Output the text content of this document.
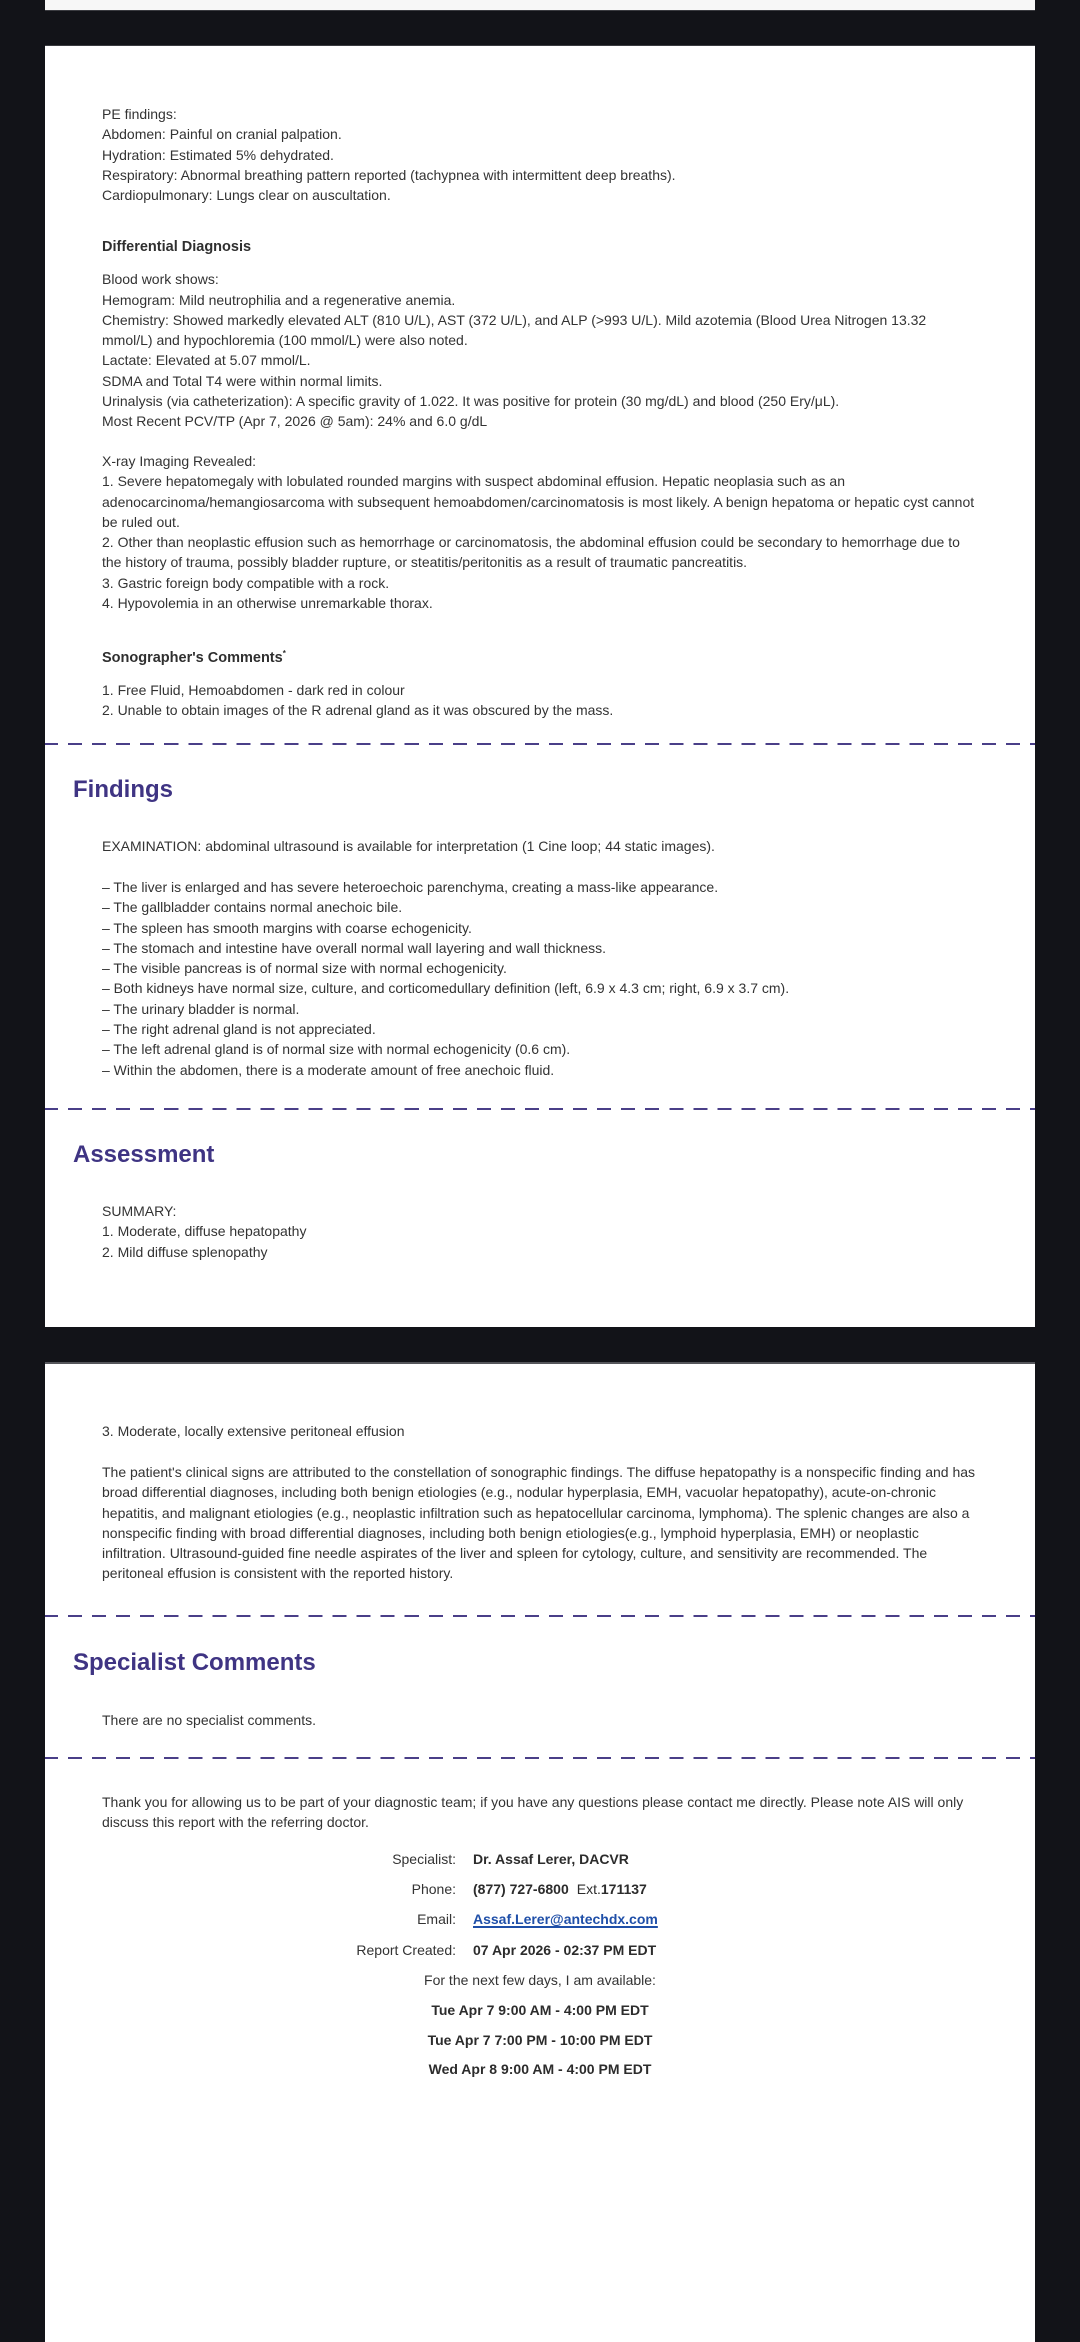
PE findings:

Abdomen: Painful on cranial palpation.

Hydration: Estimated 5% dehydrated.

Respiratory: Abnormal breathing pattern reported (tachypnea with intermittent deep breaths).

Cardiopulmonary: Lungs clear on auscultation.

Differential Diagnosis

Blood work shows:

Hemogram: Mild neutrophilia and a regenerative anemia.

Chemistry: Showed markedly elevated ALT (810 U/L), AST (372 U/L), and ALP (>993 U/L). Mild azotemia (Blood Urea Nitrogen 13.32 mmol/L) and hypochloremia (100 mmol/L) were also noted.

Lactate: Elevated at 5.07 mmol/L.

SDMA and Total T4 were within normal limits.

Urinalysis (via catheterization): A specific gravity of 1.022. It was positive for protein (30 mg/dL) and blood (250 Ery/μL).

Most Recent PCV/TP (Apr 7, 2026 @ 5am): 24% and 6.0 g/dL

X-ray Imaging Revealed:

1. Severe hepatomegaly with lobulated rounded margins with suspect abdominal effusion. Hepatic neoplasia such as an adenocarcinoma/hemangiosarcoma with subsequent hemoabdomen/carcinomatosis is most likely. A benign hepatoma or hepatic cyst cannot be ruled out.

2. Other than neoplastic effusion such as hemorrhage or carcinomatosis, the abdominal effusion could be secondary to hemorrhage due to the history of trauma, possibly bladder rupture, or steatitis/peritonitis as a result of traumatic pancreatitis.

3. Gastric foreign body compatible with a rock.

4. Hypovolemia in an otherwise unremarkable thorax.

Sonographer's Comments*

1. Free Fluid, Hemoabdomen - dark red in colour

2. Unable to obtain images of the R adrenal gland as it was obscured by the mass.

Findings

EXAMINATION: abdominal ultrasound is available for interpretation (1 Cine loop; 44 static images).

– The liver is enlarged and has severe heteroechoic parenchyma, creating a mass-like appearance.

– The gallbladder contains normal anechoic bile.

– The spleen has smooth margins with coarse echogenicity.

– The stomach and intestine have overall normal wall layering and wall thickness.

– The visible pancreas is of normal size with normal echogenicity.

– Both kidneys have normal size, culture, and corticomedullary definition (left, 6.9 x 4.3 cm; right, 6.9 x 3.7 cm).

– The urinary bladder is normal.

– The right adrenal gland is not appreciated.

– The left adrenal gland is of normal size with normal echogenicity (0.6 cm).

– Within the abdomen, there is a moderate amount of free anechoic fluid.

Assessment

SUMMARY:

1. Moderate, diffuse hepatopathy

2. Mild diffuse splenopathy

3. Moderate, locally extensive peritoneal effusion

The patient's clinical signs are attributed to the constellation of sonographic findings. The diffuse hepatopathy is a nonspecific finding and has broad differential diagnoses, including both benign etiologies (e.g., nodular hyperplasia, EMH, vacuolar hepatopathy), acute-on-chronic hepatitis, and malignant etiologies (e.g., neoplastic infiltration such as hepatocellular carcinoma, lymphoma). The splenic changes are also a nonspecific finding with broad differential diagnoses, including both benign etiologies(e.g., lymphoid hyperplasia, EMH) or neoplastic infiltration. Ultrasound-guided fine needle aspirates of the liver and spleen for cytology, culture, and sensitivity are recommended. The peritoneal effusion is consistent with the reported history.

Specialist Comments

There are no specialist comments.

Thank you for allowing us to be part of your diagnostic team; if you have any questions please contact me directly. Please note AIS will only discuss this report with the referring doctor.

Specialist: Dr. Assaf Lerer, DACVR
Phone: (877) 727-6800 Ext.171137
Email: Assaf.Lerer@antechdx.com
Report Created: 07 Apr 2026 - 02:37 PM EDT
For the next few days, I am available:
Tue Apr 7 9:00 AM - 4:00 PM EDT
Tue Apr 7 7:00 PM - 10:00 PM EDT
Wed Apr 8 9:00 AM - 4:00 PM EDT
